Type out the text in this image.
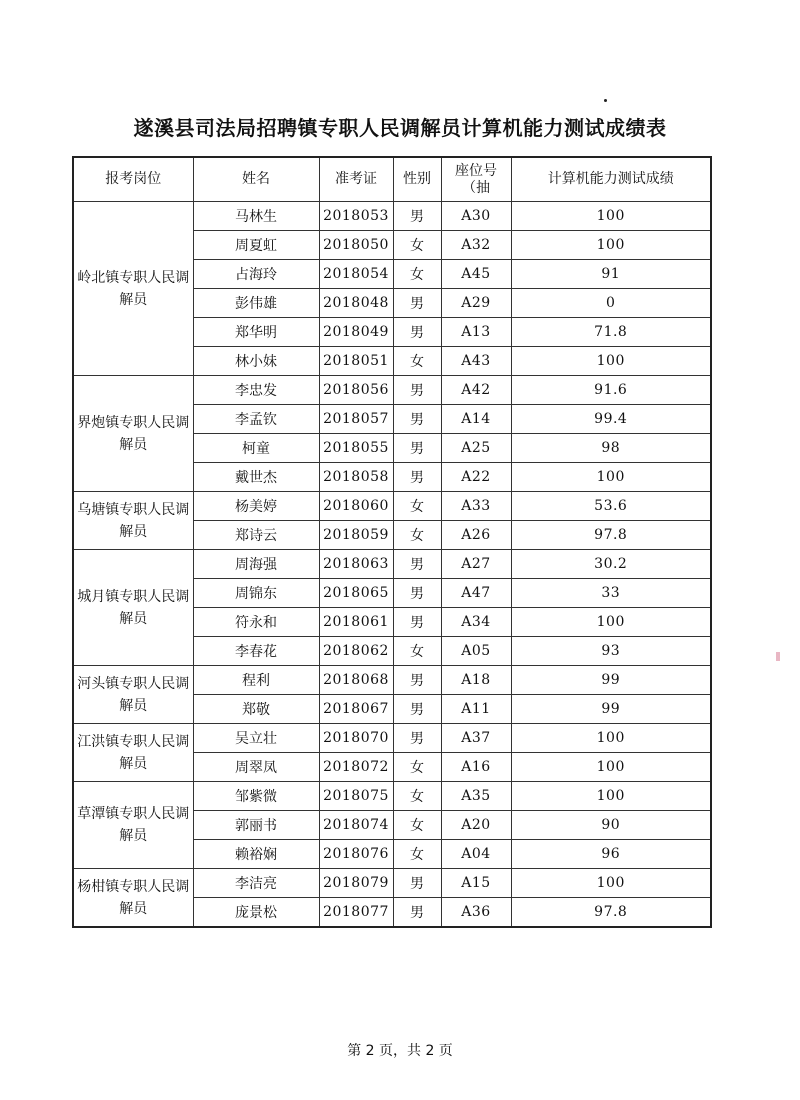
遂溪县司法局招聘镇专职人民调解员计算机能力测试成绩表
报考岗位	姓名	准考证	性别	座位号（抽	计算机能力测试成绩
岭北镇专职人民调解员	马林生	2018053	男	A30	100
	周夏虹	2018050	女	A32	100
	占海玲	2018054	女	A45	91
	彭伟雄	2018048	男	A29	0
	郑华明	2018049	男	A13	71.8
	林小妹	2018051	女	A43	100
界炮镇专职人民调解员	李忠发	2018056	男	A42	91.6
	李孟钦	2018057	男	A14	99.4
	柯童	2018055	男	A25	98
	戴世杰	2018058	男	A22	100
乌塘镇专职人民调解员	杨美婷	2018060	女	A33	53.6
	郑诗云	2018059	女	A26	97.8
城月镇专职人民调解员	周海强	2018063	男	A27	30.2
	周锦东	2018065	男	A47	33
	符永和	2018061	男	A34	100
	李春花	2018062	女	A05	93
河头镇专职人民调解员	程利	2018068	男	A18	99
	郑敬	2018067	男	A11	99
江洪镇专职人民调解员	吴立壮	2018070	男	A37	100
	周翠凤	2018072	女	A16	100
草潭镇专职人民调解员	邹紫微	2018075	女	A35	100
	郭丽书	2018074	女	A20	90
	赖裕娴	2018076	女	A04	96
杨柑镇专职人民调解员	李洁亮	2018079	男	A15	100
	庞景松	2018077	男	A36	97.8
第 2 页，共 2 页
